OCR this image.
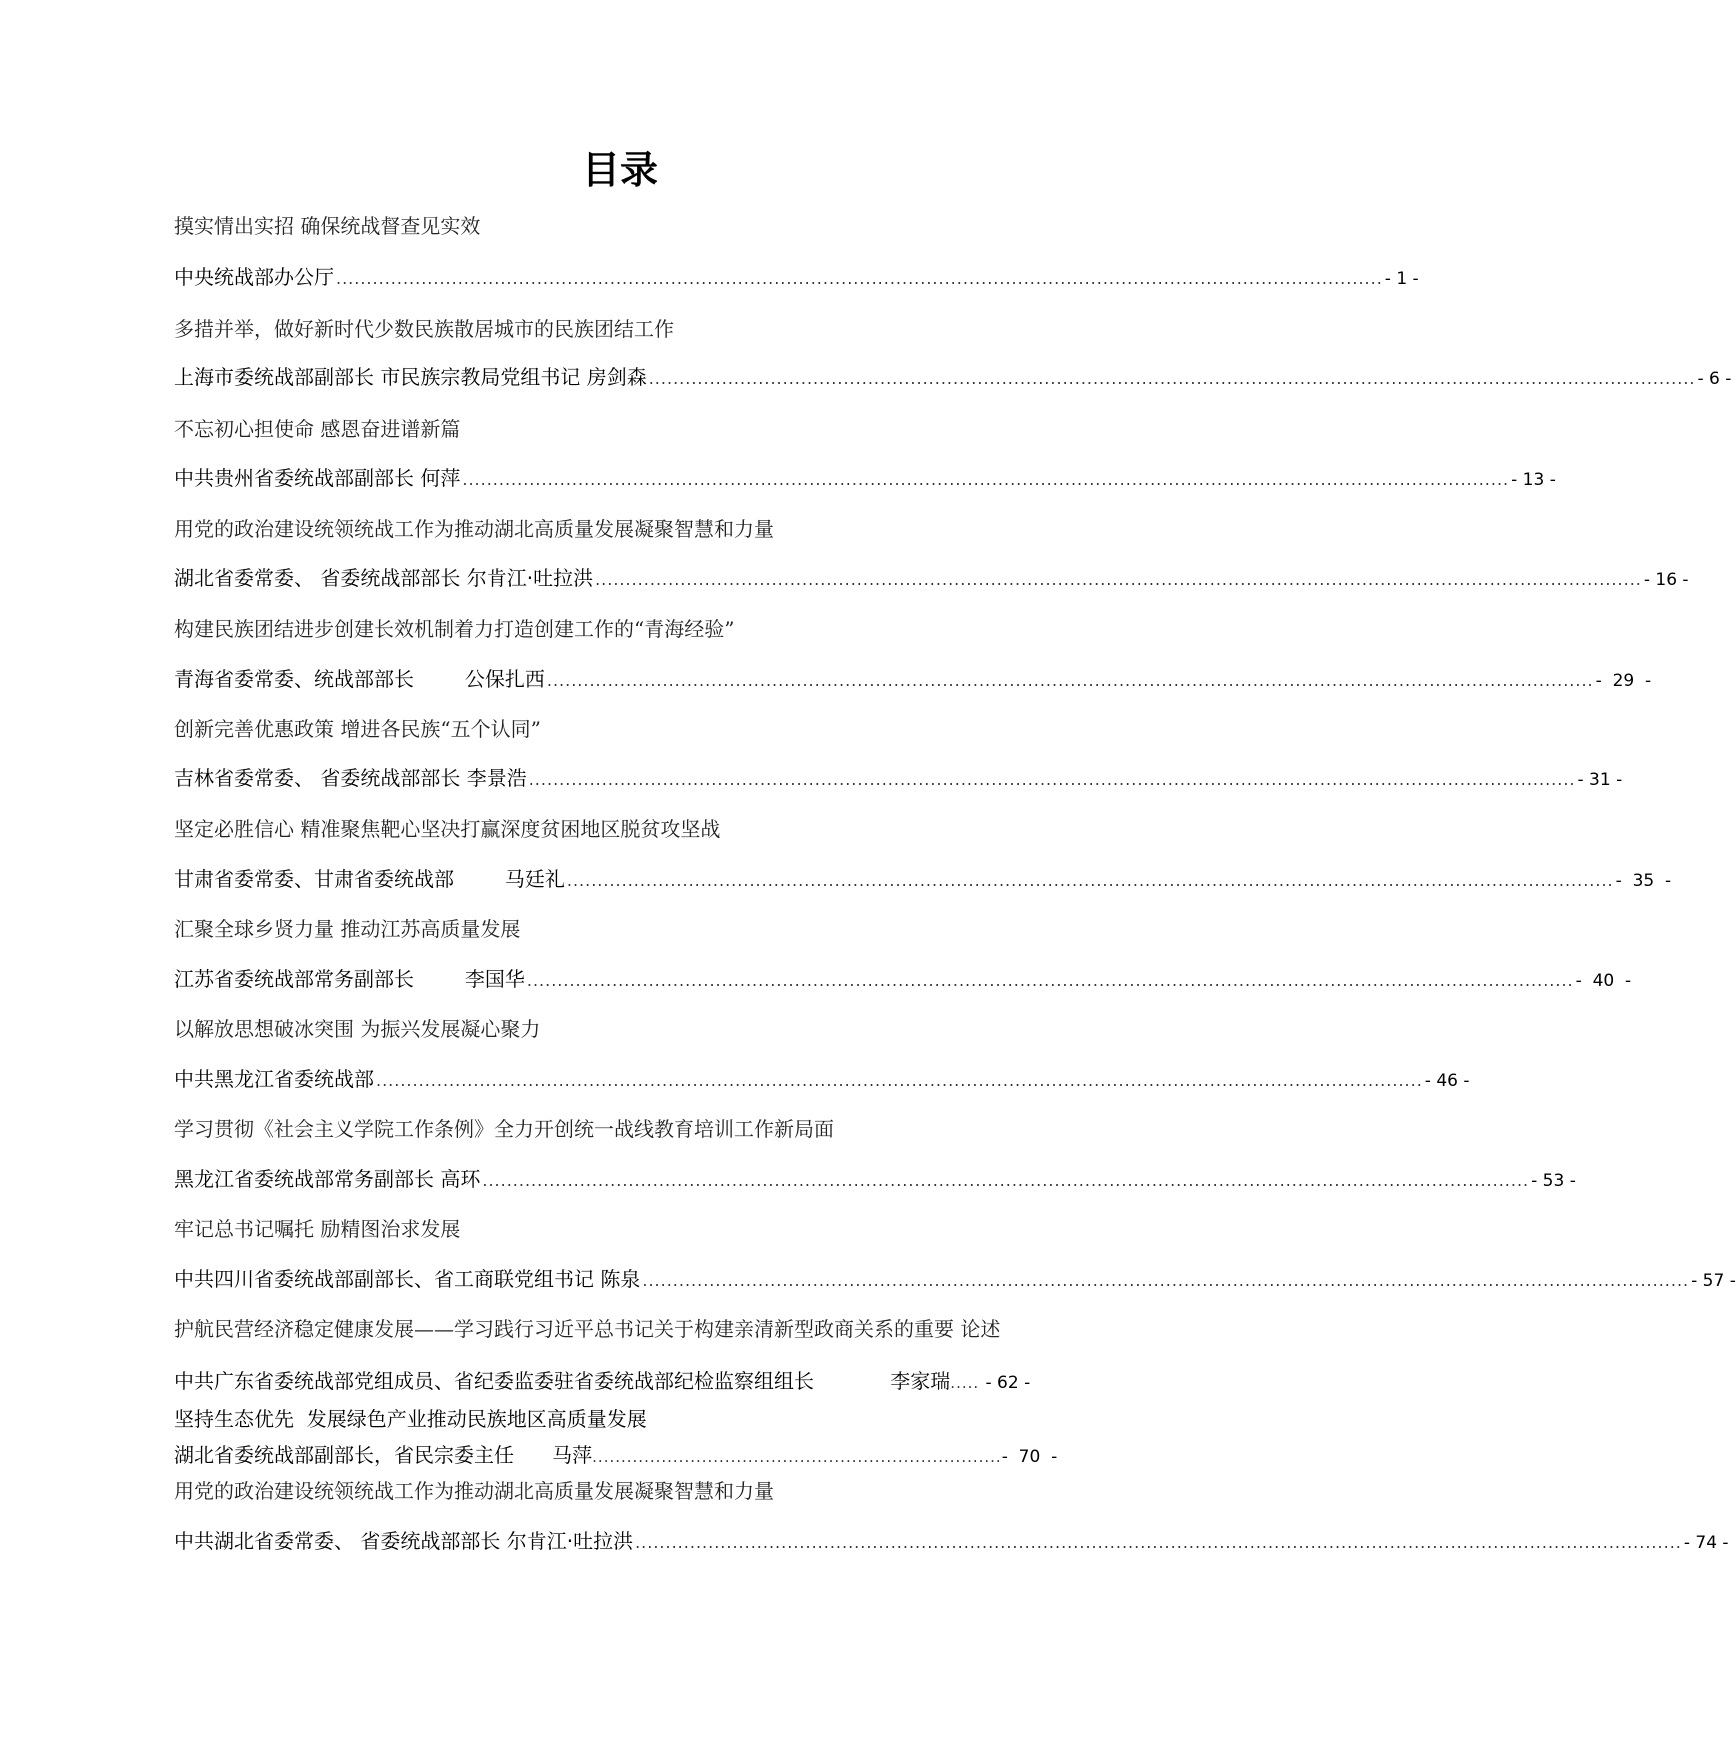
目录
摸实情出实招 确保统战督查见实效
中央统战部办公厅 ............................................................................................................................................................................ - 1 -
多措并举，做好新时代少数民族散居城市的民族团结工作
上海市委统战部副部长 市民族宗教局党组书记 房剑森 ............................................................................................................................................................................ - 6 -
不忘初心担使命 感恩奋进谱新篇
中共贵州省委统战部副部长 何萍 ............................................................................................................................................................................ - 13 -
用党的政治建设统领统战工作为推动湖北高质量发展凝聚智慧和力量
湖北省委常委、 省委统战部部长 尔肯江·吐拉洪 ............................................................................................................................................................................ - 16 -
构建民族团结进步创建长效机制着力打造创建工作的“青海经验”
青海省委常委、统战部部长        公保扎西 ............................................................................................................................................................................ -  29  -
创新完善优惠政策 增进各民族“五个认同”
吉林省委常委、 省委统战部部长 李景浩 ............................................................................................................................................................................ - 31 -
坚定必胜信心 精准聚焦靶心坚决打赢深度贫困地区脱贫攻坚战
甘肃省委常委、甘肃省委统战部        马廷礼 ............................................................................................................................................................................ -  35  -
汇聚全球乡贤力量 推动江苏高质量发展
江苏省委统战部常务副部长        李国华 ............................................................................................................................................................................ -  40  -
以解放思想破冰突围 为振兴发展凝心聚力
中共黑龙江省委统战部 ............................................................................................................................................................................ - 46 -
学习贯彻《社会主义学院工作条例》全力开创统一战线教育培训工作新局面
黑龙江省委统战部常务副部长 高环 ............................................................................................................................................................................ - 53 -
牢记总书记嘱托 励精图治求发展
中共四川省委统战部副部长、省工商联党组书记 陈泉 ............................................................................................................................................................................ - 57 -
护航民营经济稳定健康发展——学习践行习近平总书记关于构建亲清新型政商关系的重要 论述
中共广东省委统战部党组成员、省纪委监委驻省委统战部纪检监察组组长            李家瑞..... - 62 - 坚持生态优先  发展绿色产业推动民族地区高质量发展 湖北省委统战部副部长，省民宗委主任      马萍.......................................................................-  70  -
用党的政治建设统领统战工作为推动湖北高质量发展凝聚智慧和力量
中共湖北省委常委、 省委统战部部长 尔肯江·吐拉洪 ............................................................................................................................................................................ - 74 -
